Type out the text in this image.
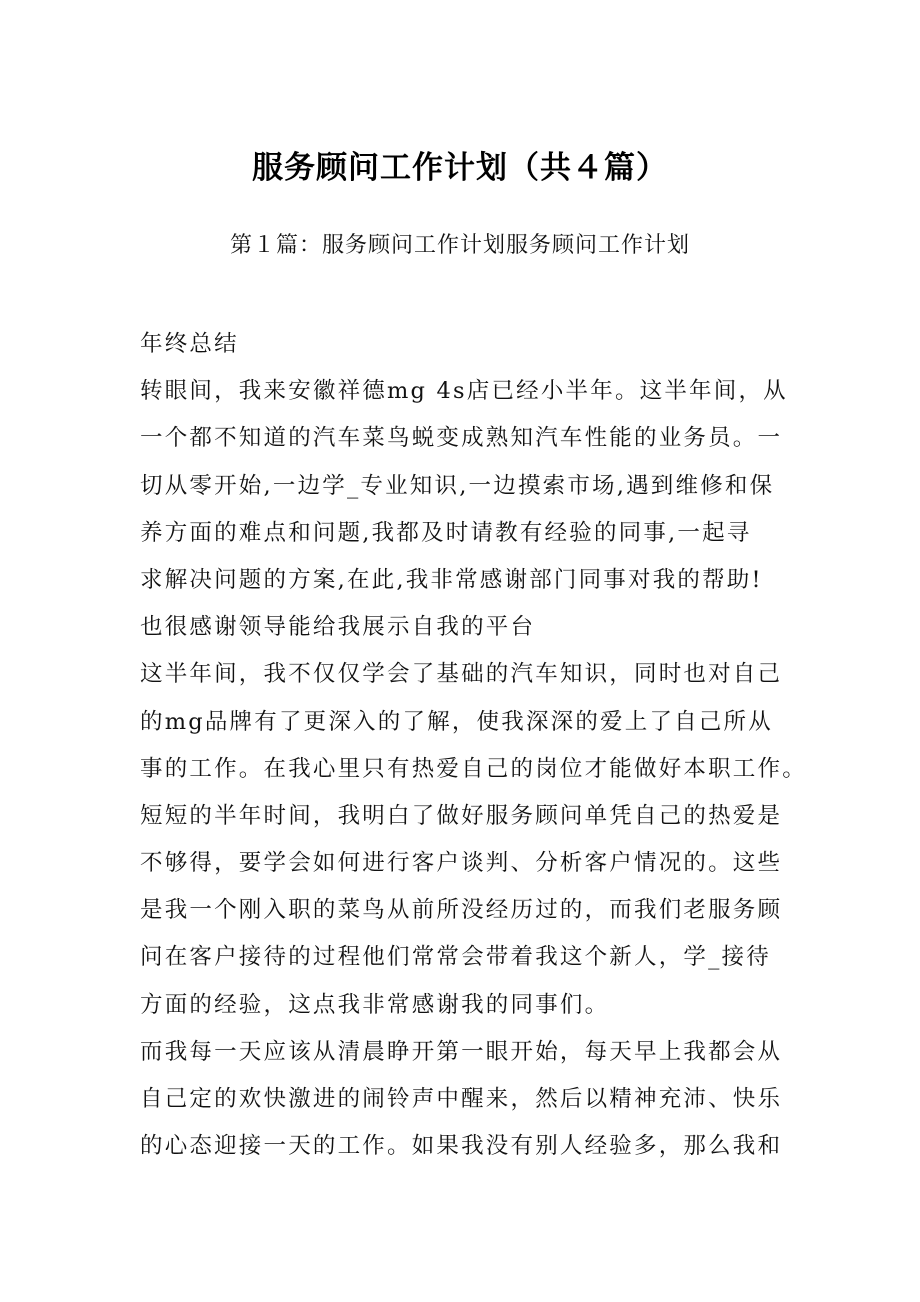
服务顾问工作计划（共４篇）
第１篇：服务顾问工作计划服务顾问工作计划
年终总结
转眼间，我来安徽祥德mg 4s店已经小半年。这半年间，从
一个都不知道的汽车菜鸟蜕变成熟知汽车性能的业务员。一
切从零开始,一边学_专业知识,一边摸索市场,遇到维修和保
养方面的难点和问题,我都及时请教有经验的同事,一起寻
求解决问题的方案,在此,我非常感谢部门同事对我的帮助!
也很感谢领导能给我展示自我的平台
这半年间，我不仅仅学会了基础的汽车知识，同时也对自己
的mg品牌有了更深入的了解，使我深深的爱上了自己所从
事的工作。在我心里只有热爱自己的岗位才能做好本职工作。
短短的半年时间，我明白了做好服务顾问单凭自己的热爱是
不够得，要学会如何进行客户谈判、分析客户情况的。这些
是我一个刚入职的菜鸟从前所没经历过的，而我们老服务顾
问在客户接待的过程他们常常会带着我这个新人，学_接待
方面的经验，这点我非常感谢我的同事们。
而我每一天应该从清晨睁开第一眼开始，每天早上我都会从
自己定的欢快激进的闹铃声中醒来，然后以精神充沛、快乐
的心态迎接一天的工作。如果我没有别人经验多，那么我和
